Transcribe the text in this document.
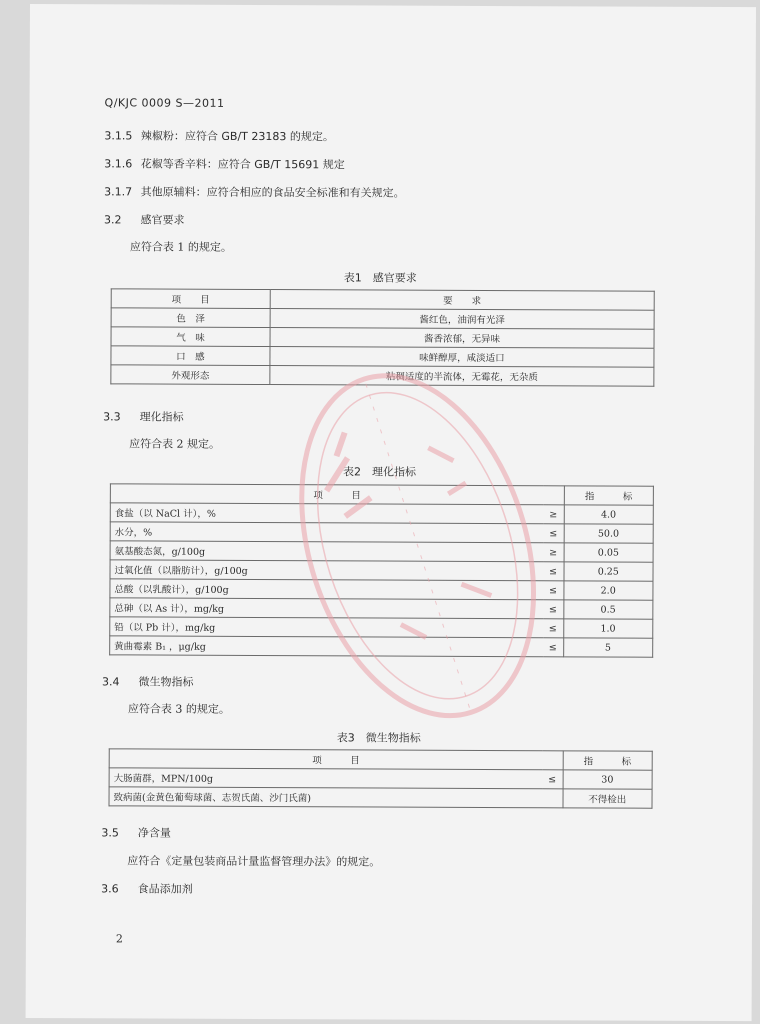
Q/KJC 0009 S—2011
3.1.5 辣椒粉：应符合 GB/T 23183 的规定。
3.1.6 花椒等香辛料：应符合 GB/T 15691 规定
3.1.7 其他原辅料：应符合相应的食品安全标准和有关规定。
3.2 感官要求
应符合表 1 的规定。
表1　感官要求
项　　目	要　　求
色　泽	酱红色，油润有光泽
气　味	酱香浓郁，无异味
口　感	味鲜醇厚，咸淡适口
外观形态	粘稠适度的半流体，无霉花，无杂质
3.3 理化指标
应符合表 2 规定。
表2　理化指标
项　　　目		指　　　标
食盐（以 NaCl 计），%	≥	4.0
水分，%	≤	50.0
氨基酸态氮，g/100g	≥	0.05
过氧化值（以脂肪计），g/100g	≤	0.25
总酸（以乳酸计），g/100g	≤	2.0
总砷（以 As 计），mg/kg	≤	0.5
铅（以 Pb 计），mg/kg	≤	1.0
黄曲霉素 B₁ ，μg/kg	≤	5
3.4 微生物指标
应符合表 3 的规定。
表3　微生物指标
项　　　目		指　　　标
大肠菌群，MPN/100g	≤	30
致病菌(金黄色葡萄球菌、志贺氏菌、沙门氏菌)		不得检出
3.5 净含量
应符合《定量包装商品计量监督管理办法》的规定。
3.6 食品添加剂
2
